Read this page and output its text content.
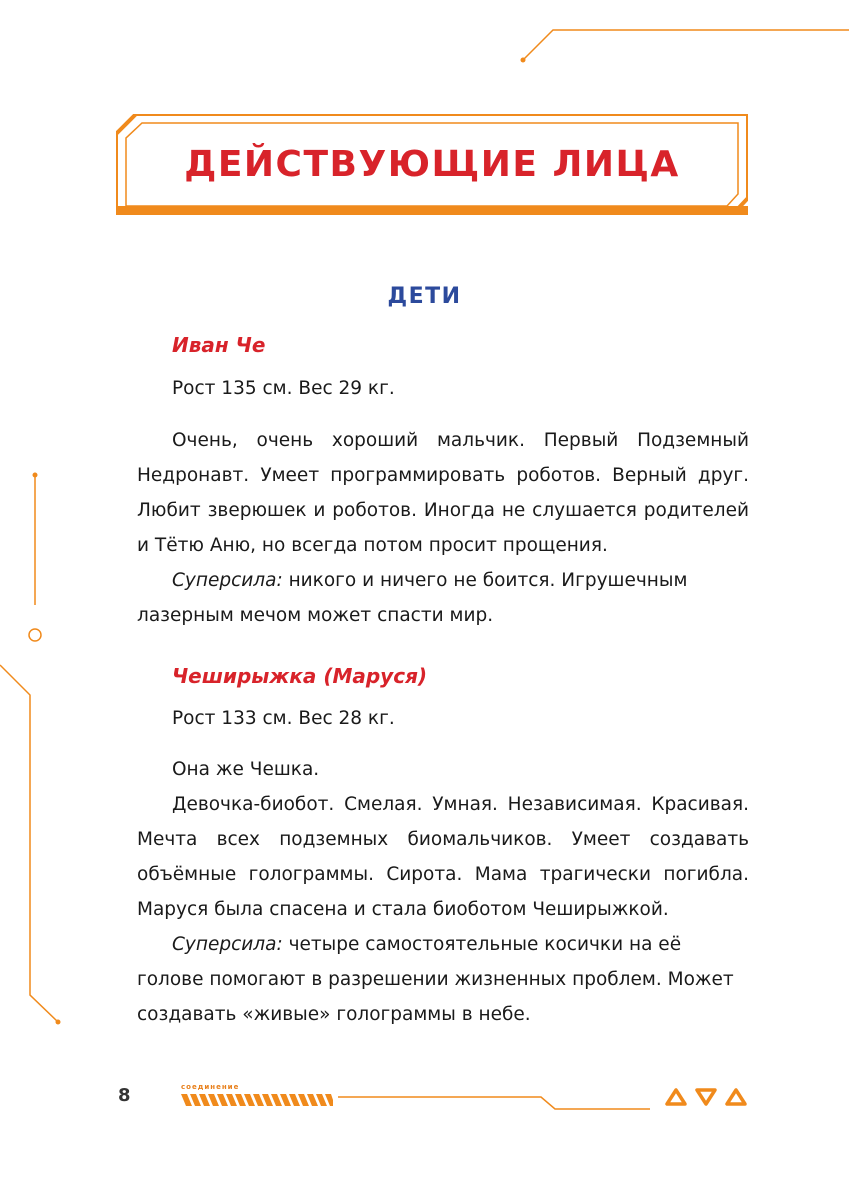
ДЕЙСТВУЮЩИЕ ЛИЦА
ДЕТИ
Иван Че
Рост 135 см. Вес 29 кг.

Очень, очень хороший мальчик. Первый Подземный Недронавт. Умеет программировать роботов. Верный друг. Любит зверюшек и роботов. Иногда не слушается родителей и Тётю Аню, но всегда потом просит прощения.

Суперсила: никого и ничего не боится. Игрушечным лазерным мечом может спасти мир.

Чеширыжка (Маруся)
Рост 133 см. Вес 28 кг.

Она же Чешка.

Девочка-биобот. Смелая. Умная. Независимая. Красивая. Мечта всех подземных биомальчиков. Умеет создавать объёмные голограммы. Сирота. Мама трагически погибла. Маруся была спасена и стала биоботом Чеширыжкой.

Суперсила: четыре самостоятельные косички на её голове помогают в разрешении жизненных проблем. Может создавать «живые» голограммы в небе.

8	соединение
